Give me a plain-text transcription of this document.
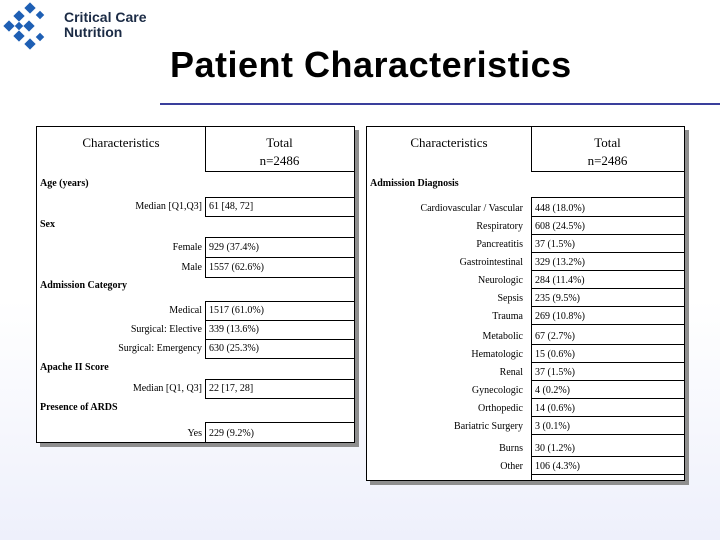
Critical Care
Nutrition
Patient Characteristics
Characteristics	Total
n=2486
Age (years)
Median [Q1,Q3] 61 [48, 72]
Sex
Female 929 (37.4%)
Male 1557 (62.6%)
Admission Category
Medical 1517 (61.0%)
Surgical: Elective 339 (13.6%)
Surgical: Emergency 630 (25.3%)
Apache II Score
Median [Q1, Q3] 22 [17, 28]
Presence of ARDS
Yes 229 (9.2%)
Characteristics	Total
n=2486
Admission Diagnosis
Cardiovascular / Vascular 448 (18.0%)
Respiratory 608 (24.5%)
Pancreatitis 37 (1.5%)
Gastrointestinal 329 (13.2%)
Neurologic 284 (11.4%)
Sepsis 235 (9.5%)
Trauma 269 (10.8%)
Metabolic 67 (2.7%)
Hematologic 15 (0.6%)
Renal 37 (1.5%)
Gynecologic 4 (0.2%)
Orthopedic 14 (0.6%)
Bariatric Surgery 3 (0.1%)
Burns 30 (1.2%)
Other 106 (4.3%)
